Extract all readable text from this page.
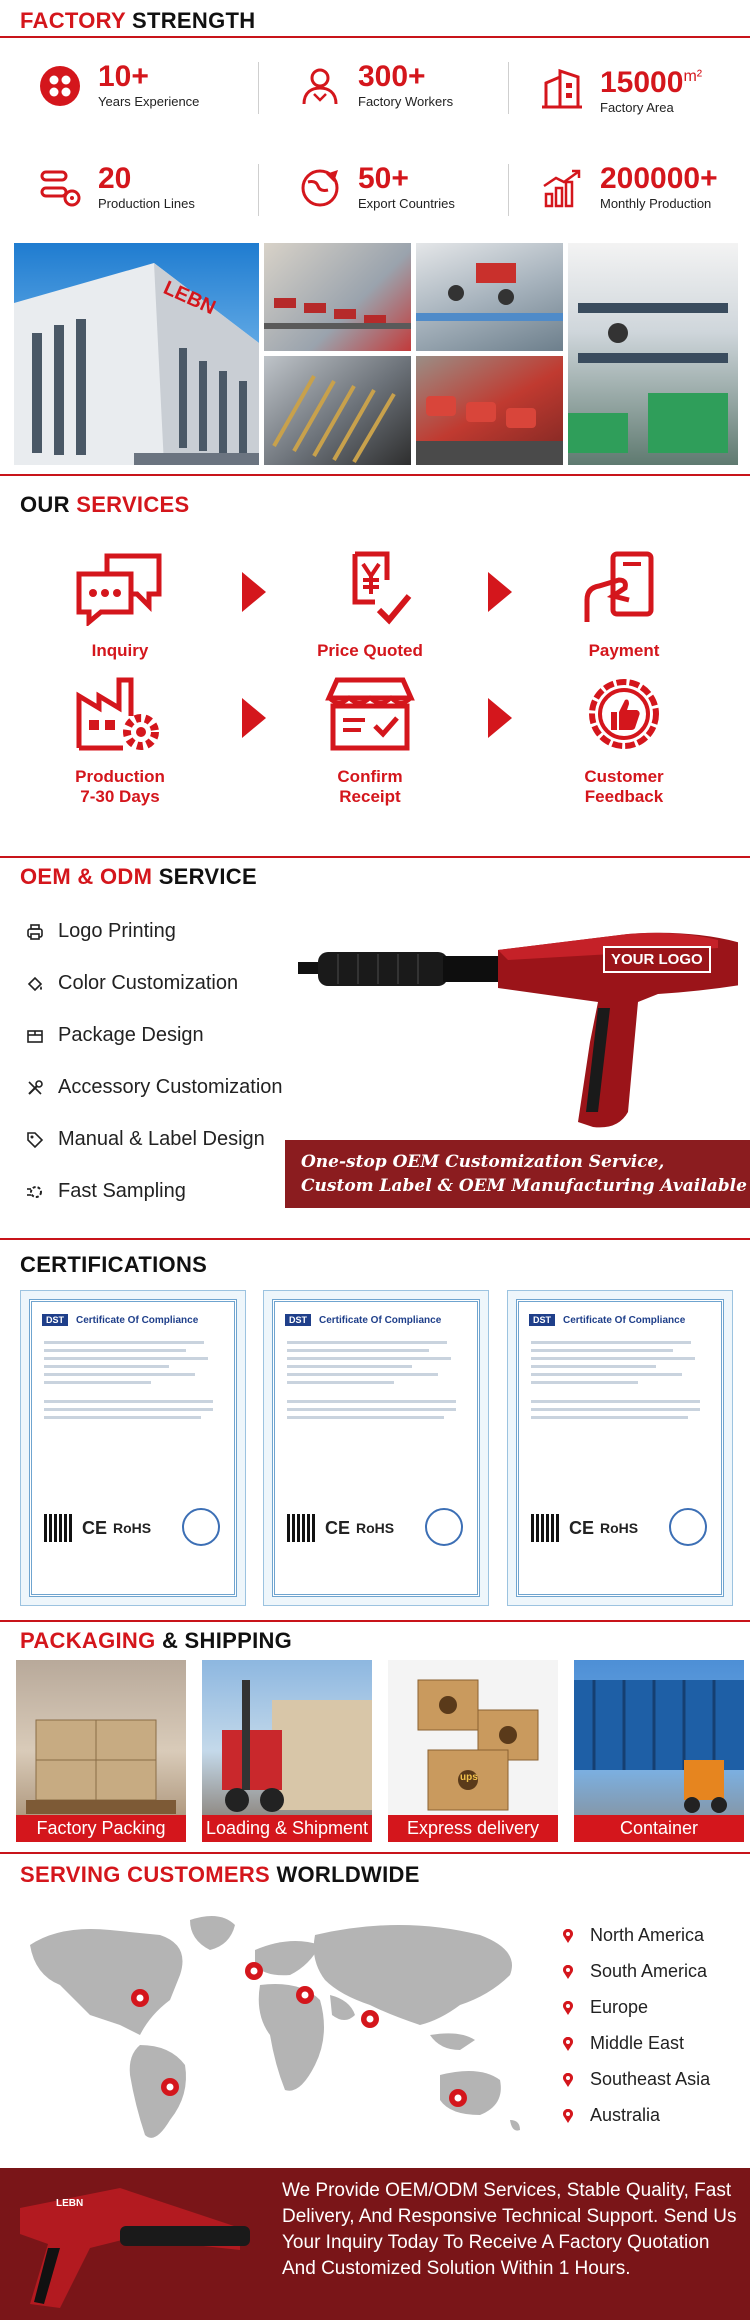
FACTORY STRENGTH
10+
Years Experience
300+
Factory Workers
$15000^{m^2}$
Factory Area
20
Production Lines
50+
Export Countries
200000+
Monthly Production
LEBN
OUR SERVICES
Inquiry	Price Quoted	Payment
Production
7-30 Days
Confirm
Receipt
Customer
Feedback
OEM & ODM SERVICE
Logo Printing
Color Customization
Package Design
Accessory Customization
Manual & Label Design
Fast Sampling
YOUR LOGO
One-stop OEM Customization Service,
Custom Label & OEM Manufacturing Available
CERTIFICATIONS
DST	Certificate Of Compliance
CE RoHS
DST	Certificate Of Compliance
CE RoHS
DST	Certificate Of Compliance
CE RoHS
PACKAGING & SHIPPING
Factory Packing	Loading & Shipment
ups
Express delivery	Container
SERVING CUSTOMERS WORLDWIDE
North America
South America
Europe
Middle East
Southeast Asia
Australia
LEBN
We Provide OEM/ODM Services, Stable Quality, Fast Delivery, And Responsive Technical Support. Send Us Your Inquiry Today To Receive A Factory Quotation And Customized Solution Within 1 Hours.
